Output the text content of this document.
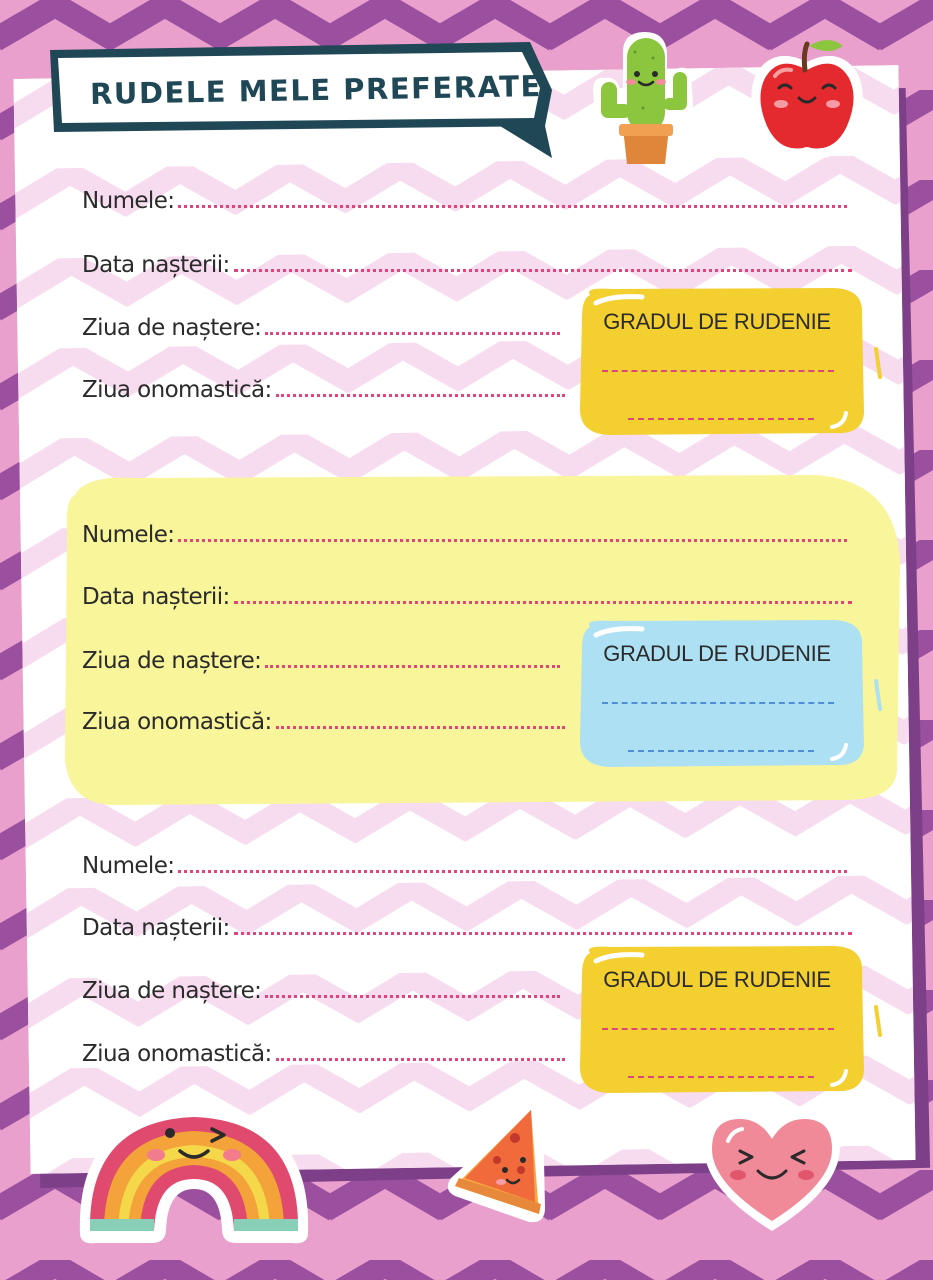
RUDELE MELE PREFERATE
Numele:
Data nașterii:
Ziua de naștere:
Ziua onomastică:
GRADUL DE RUDENIE
Numele:
Data nașterii:
Ziua de naștere:
Ziua onomastică:
GRADUL DE RUDENIE
Numele:
Data nașterii:
Ziua de naștere:
Ziua onomastică:
GRADUL DE RUDENIE
